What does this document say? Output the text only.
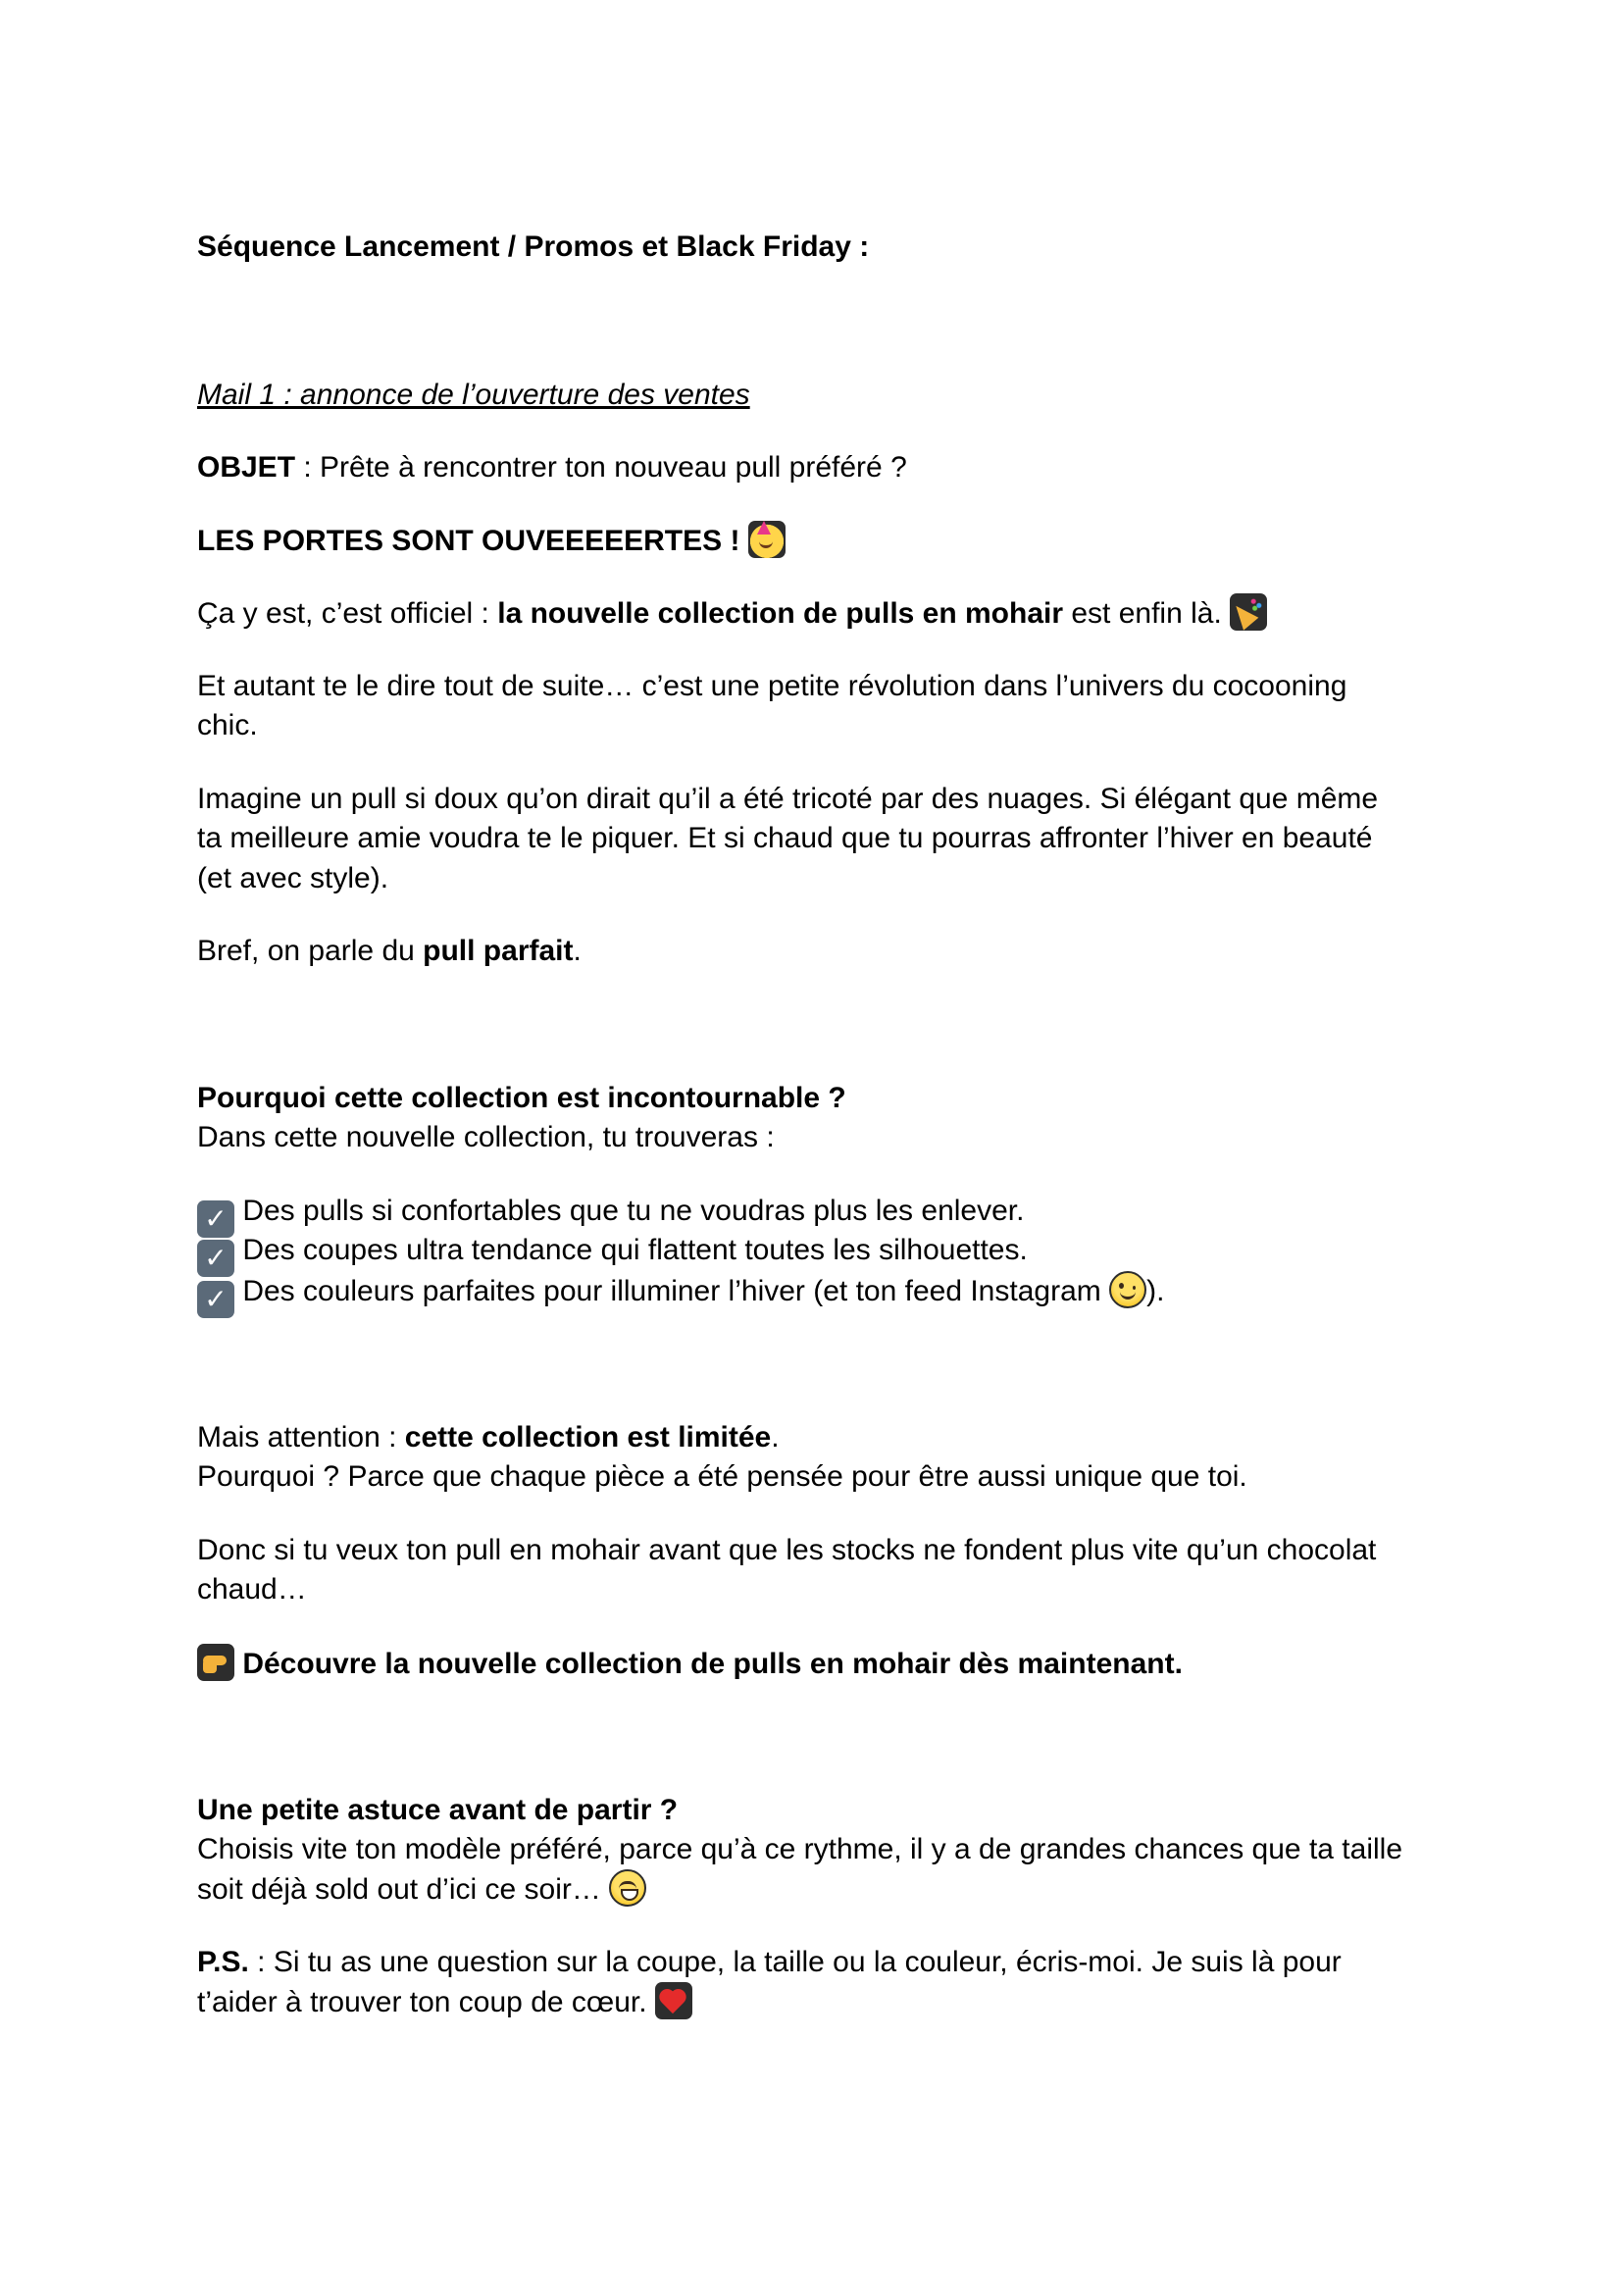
Séquence Lancement / Promos et Black Friday :
Mail 1 : annonce de l’ouverture des ventes
OBJET : Prête à rencontrer ton nouveau pull préféré ?
LES PORTES SONT OUVEEEEERTES !
Ça y est, c’est officiel : la nouvelle collection de pulls en mohair est enfin là.
Et autant te le dire tout de suite… c’est une petite révolution dans l’univers du cocooning
chic.
Imagine un pull si doux qu’on dirait qu’il a été tricoté par des nuages. Si élégant que même
ta meilleure amie voudra te le piquer. Et si chaud que tu pourras affronter l’hiver en beauté
(et avec style).
Bref, on parle du pull parfait.
Pourquoi cette collection est incontournable ?
Dans cette nouvelle collection, tu trouveras :
✓ Des pulls si confortables que tu ne voudras plus les enlever.
✓ Des coupes ultra tendance qui flattent toutes les silhouettes.
✓ Des couleurs parfaites pour illuminer l’hiver (et ton feed Instagram ).
Mais attention : cette collection est limitée.
Pourquoi ? Parce que chaque pièce a été pensée pour être aussi unique que toi.
Donc si tu veux ton pull en mohair avant que les stocks ne fondent plus vite qu’un chocolat
chaud…
Découvre la nouvelle collection de pulls en mohair dès maintenant.
Une petite astuce avant de partir ?
Choisis vite ton modèle préféré, parce qu’à ce rythme, il y a de grandes chances que ta taille
soit déjà sold out d’ici ce soir…
P.S. : Si tu as une question sur la coupe, la taille ou la couleur, écris-moi. Je suis là pour
t’aider à trouver ton coup de cœur.
